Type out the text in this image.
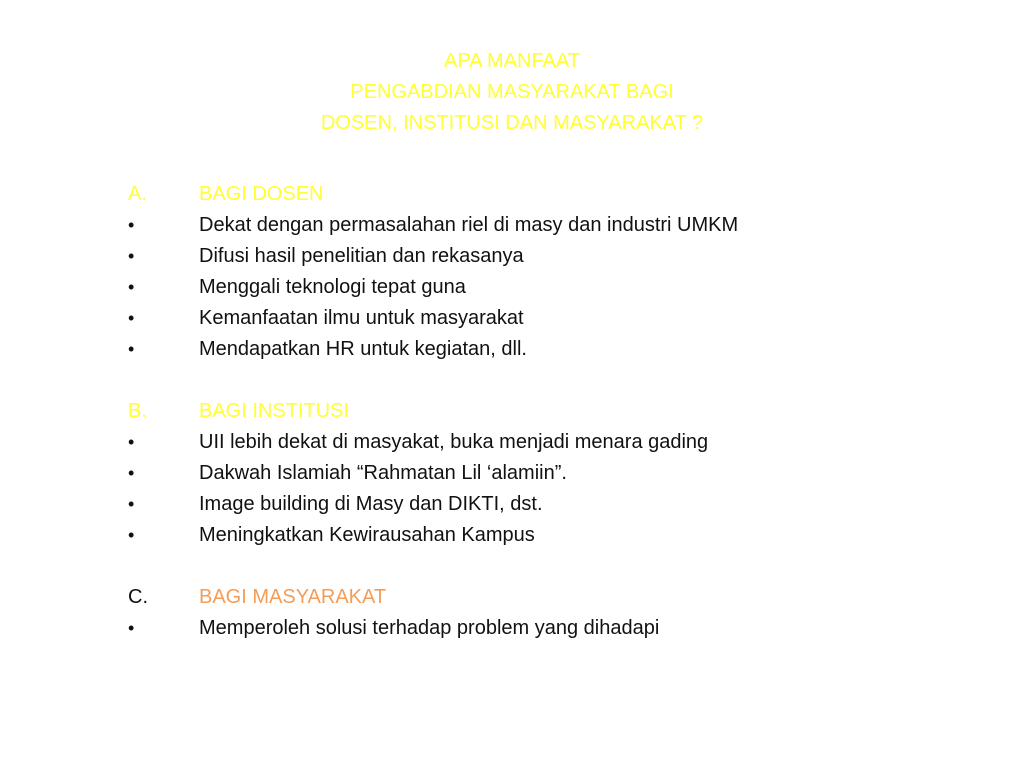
APA MANFAAT
PENGABDIAN MASYARAKAT BAGI
DOSEN, INSTITUSI DAN MASYARAKAT ?
A.	BAGI DOSEN
•	Dekat dengan permasalahan riel di masy dan industri UMKM
•	Difusi hasil penelitian dan rekasanya
•	Menggali teknologi tepat guna
•	Kemanfaatan ilmu untuk masyarakat
•	Mendapatkan HR untuk kegiatan, dll.
B.	BAGI INSTITUSI
•	UII lebih dekat di masyakat, buka menjadi menara gading
•	Dakwah Islamiah “Rahmatan Lil ‘alamiin”.
•	Image building di Masy dan DIKTI, dst.
•	Meningkatkan Kewirausahan Kampus
C.	BAGI MASYARAKAT
•	Memperoleh solusi terhadap problem yang dihadapi
